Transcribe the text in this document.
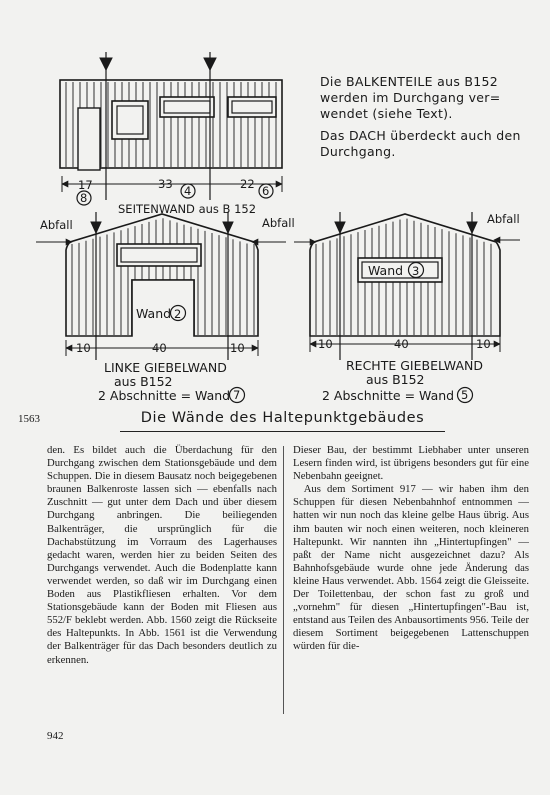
17	33	22
8	4	6
SEITENWAND aus B 152
Abfall
Wand 2
10	40	10
LINKE GIEBELWAND
aus B152
2 Abschnitte = Wand 7
Abfall	Abfall
Wand 3
10	40	10
RECHTE GIEBELWAND
aus B152
2 Abschnitte = Wand 5

Die BALKENTEILE aus B152 werden im Durchgang ver= wendet (siehe Text).

Das DACH überdeckt auch den Durchgang.

1563	Die Wände des Haltepunktgebäudes

den. Es bildet auch die Überdachung für den Durchgang zwischen dem Stationsgebäude und dem Schuppen. Die in diesem Bausatz noch beigegebenen braunen Balkenroste lassen sich — ebenfalls nach Zuschnitt — gut unter dem Dach und über diesem Durchgang anbringen. Die beiliegenden Balkenträger, die ursprünglich für die Dachabstützung im Vorraum des Lagerhauses gedacht waren, werden hier zu beiden Seiten des Durchgangs verwendet. Auch die Bodenplatte kann verwendet werden, so daß wir im Durchgang einen Boden aus Plastikfliesen erhalten. Vor dem Stationsgebäude kann der Boden mit Fliesen aus 552/F beklebt werden. Abb. 1560 zeigt die Rückseite des Haltepunkts. In Abb. 1561 ist die Verwendung der Balkenträger für das Dach besonders deutlich zu erkennen.

Dieser Bau, der bestimmt Liebhaber unter unseren Lesern finden wird, ist übrigens besonders gut für eine Nebenbahn geeignet.

Aus dem Sortiment 917 — wir haben ihm den Schuppen für diesen Nebenbahnhof entnommen — hatten wir nun noch das kleine gelbe Haus übrig. Aus ihm bauten wir noch einen weiteren, noch kleineren Haltepunkt. Wir nannten ihn „Hintertupfingen" — paßt der Name nicht ausgezeichnet dazu? Als Bahnhofsgebäude wurde ohne jede Änderung das kleine Haus verwendet. Abb. 1564 zeigt die Gleisseite. Der Toilettenbau, der schon fast zu groß und „vornehm" für diesen „Hintertupfingen"-Bau ist, entstand aus Teilen des Anbausortiments 956. Teile der diesem Sortiment beigegebenen Lattenschuppen würden für die-

942
